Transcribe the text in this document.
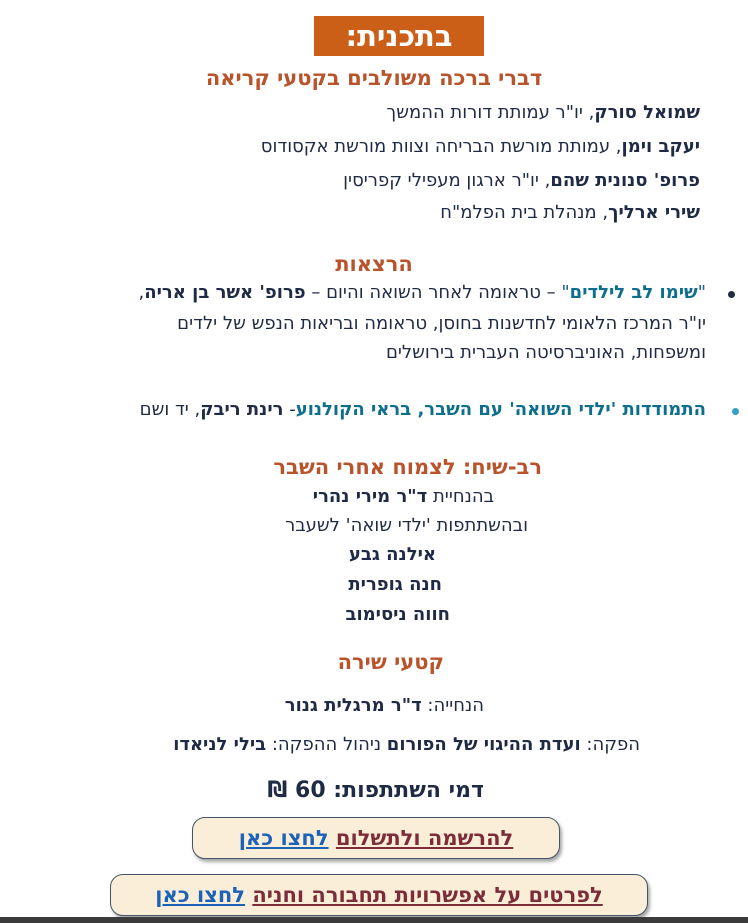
בתכנית:
דברי ברכה משולבים בקטעי קריאה
שמואל סורק, יו"ר עמותת דורות ההמשך
יעקב וימן, עמותת מורשת הבריחה וצוות מורשת אקסודוס
פרופ' סנונית שהם, יו"ר ארגון מעפילי קפריסין
שירי ארליך, מנהלת בית הפלמ"ח
הרצאות
"שימו לב לילדים" – טראומה לאחר השואה והיום – פרופ' אשר בן אריה,
יו"ר המרכז הלאומי לחדשנות בחוסן, טראומה ובריאות הנפש של ילדים
ומשפחות, האוניברסיטה העברית בירושלים
התמודדות 'ילדי השואה' עם השבר, בראי הקולנוע- רינת ריבק, יד ושם
רב-שיח: לצמוח אחרי השבר
בהנחיית ד"ר מירי נהרי
ובהשתתפות 'ילדי שואה' לשעבר
אילנה גבע
חנה גופרית
חווה ניסימוב
קטעי שירה
הנחייה: ד"ר מרגלית גנור
הפקה: ועדת ההיגוי של הפורום ניהול ההפקה: בילי לניאדו
דמי השתתפות: 60 ₪
להרשמה ולתשלום לחצו כאן
לפרטים על אפשרויות תחבורה וחניה לחצו כאן
